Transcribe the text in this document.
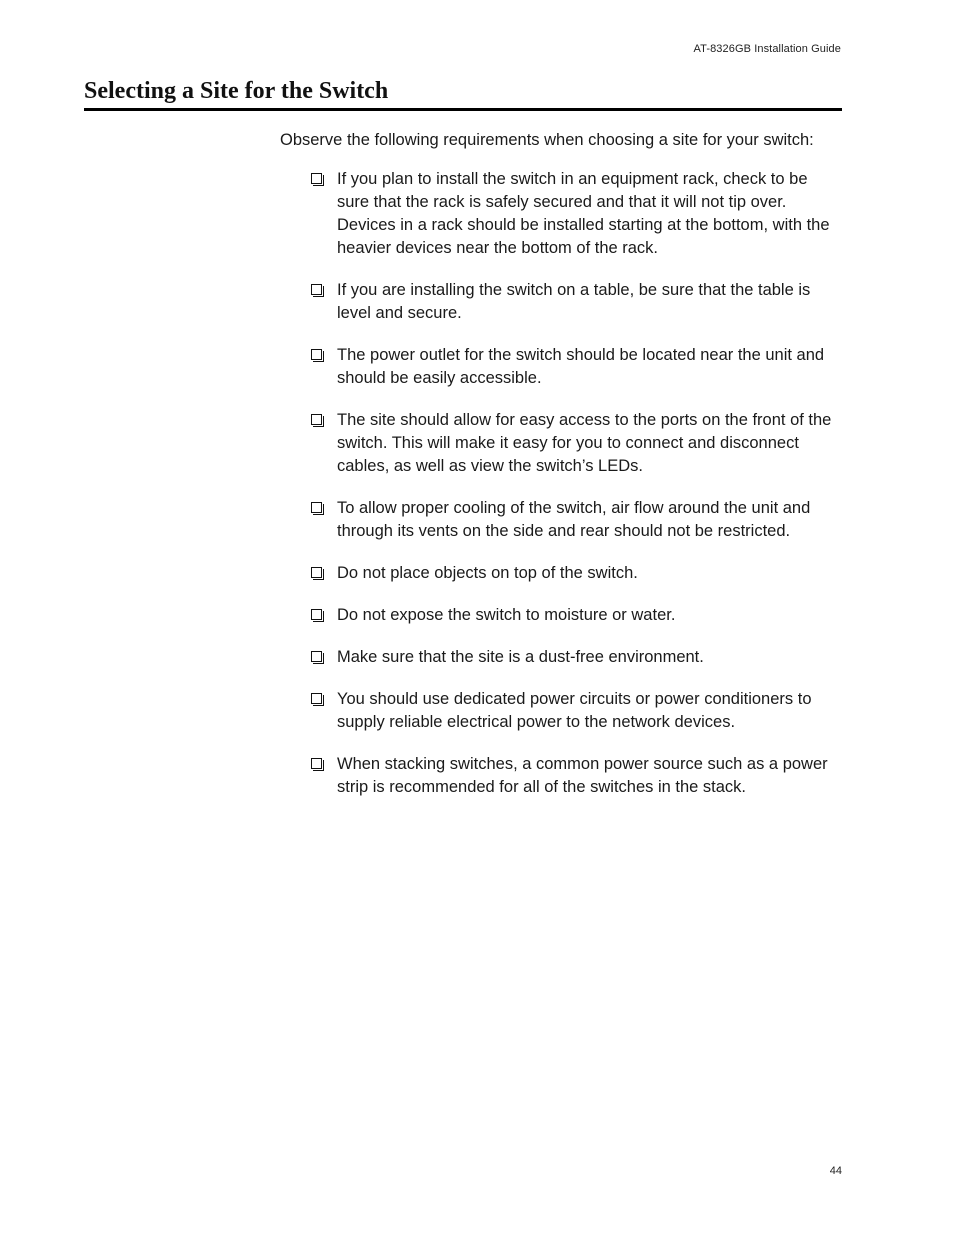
AT-8326GB Installation Guide
Selecting a Site for the Switch

Observe the following requirements when choosing a site for your switch:

If you plan to install the switch in an equipment rack, check to be sure that the rack is safely secured and that it will not tip over. Devices in a rack should be installed starting at the bottom, with the heavier devices near the bottom of the rack.
If you are installing the switch on a table, be sure that the table is level and secure.
The power outlet for the switch should be located near the unit and should be easily accessible.
The site should allow for easy access to the ports on the front of the switch. This will make it easy for you to connect and disconnect cables, as well as view the switch’s LEDs.
To allow proper cooling of the switch, air flow around the unit and through its vents on the side and rear should not be restricted.
Do not place objects on top of the switch.
Do not expose the switch to moisture or water.
Make sure that the site is a dust-free environment.
You should use dedicated power circuits or power conditioners to supply reliable electrical power to the network devices.
When stacking switches, a common power source such as a power strip is recommended for all of the switches in the stack.
44
